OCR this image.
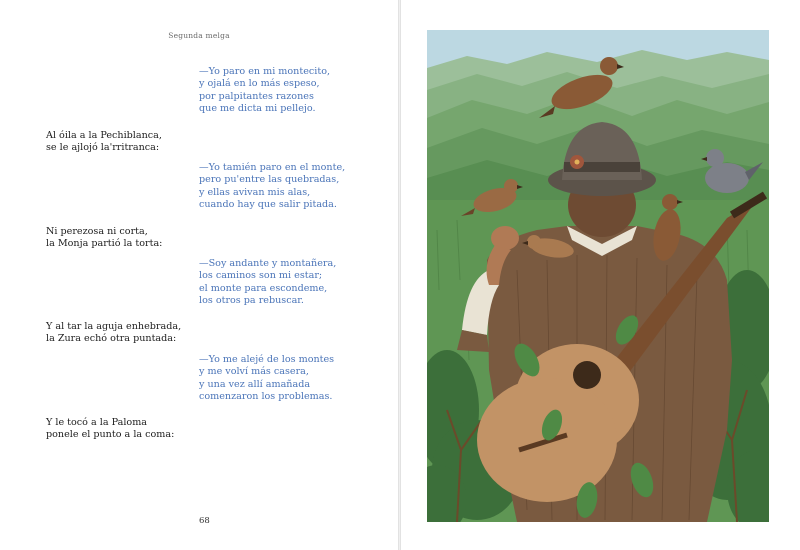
Segunda melga
—Yo paro en mi montecito,
y ojalá en lo más espeso,
por palpitantes razones
que me dicta mi pellejo.
Al óila a la Pechiblanca,
se le ajlojó la'rritranca:
—Yo tamién paro en el monte,
pero pu'entre las quebradas,
y ellas avivan mis alas,
cuando hay que salir pitada.
Ni perezosa ni corta,
la Monja partió la torta:
—Soy andante y montañera,
los caminos son mi estar;
el monte para escondeme,
los otros pa rebuscar.
Y al tar la aguja enhebrada,
la Zura echó otra puntada:
—Yo me alejé de los montes
y me volví más casera,
y una vez allí amañada
comenzaron los problemas.
Y le tocó a la Paloma
ponele el punto a la coma:
68
